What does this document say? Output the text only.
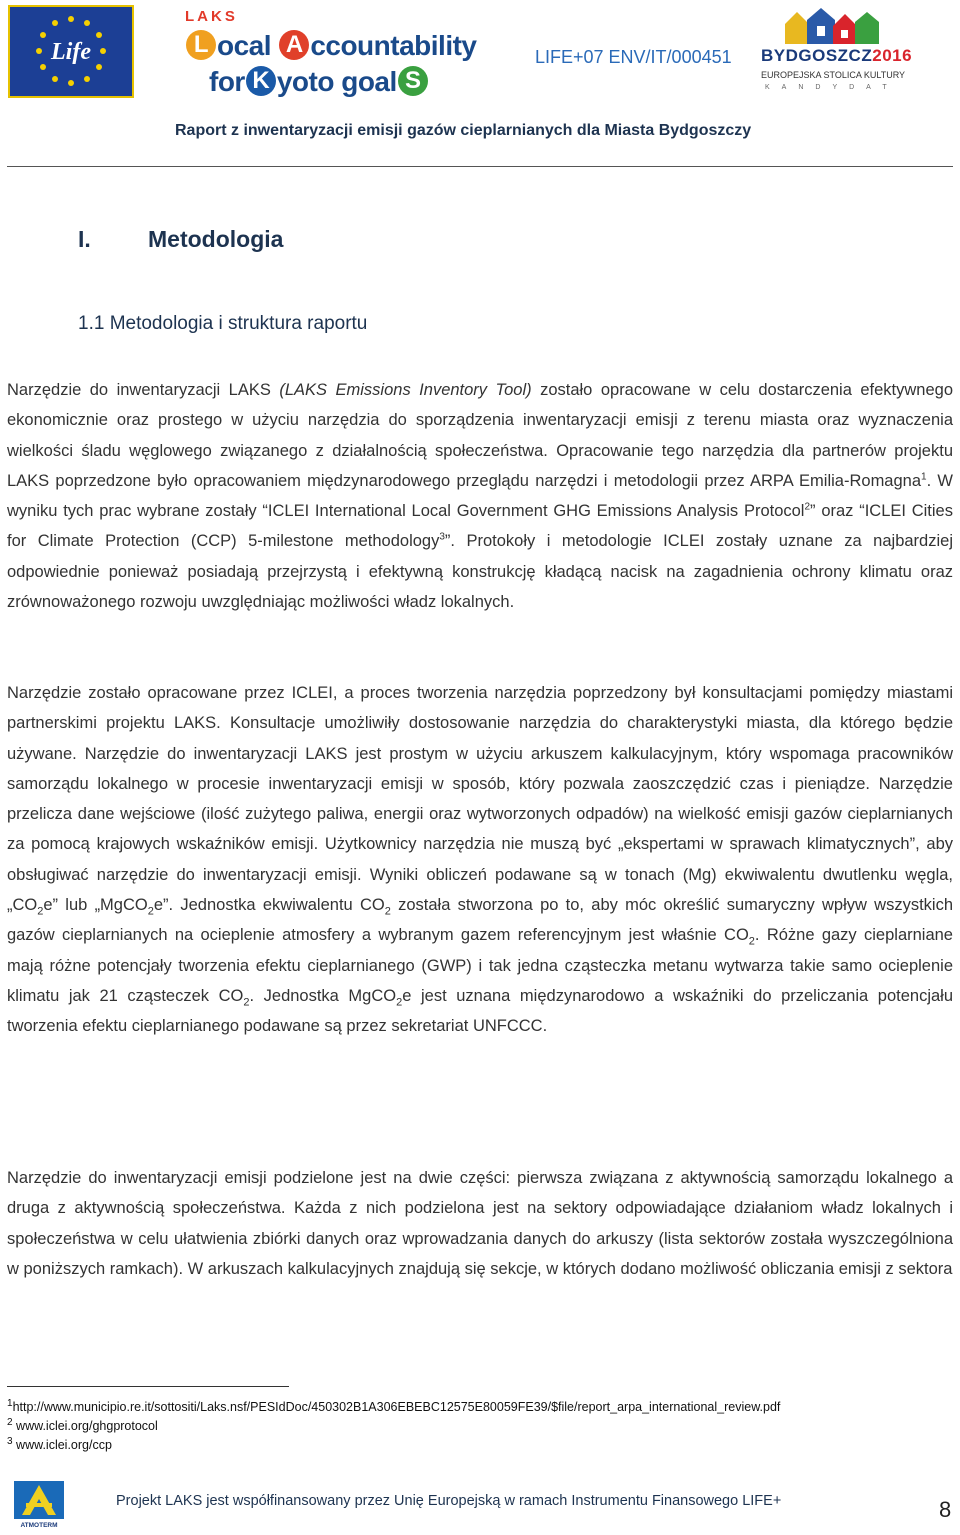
Life
LAKS
L ocal A ccountability
for K yoto goal S
LIFE+07 ENV/IT/000451 BYDGOSZCZ2016
EUROPEJSKA STOLICA KULTURY
KANDYDAT
Raport z inwentaryzacji emisji gazów cieplarnianych dla Miasta Bydgoszczy
I. Metodologia
1.1 Metodologia i struktura raportu

Narzędzie do inwentaryzacji LAKS (LAKS Emissions Inventory Tool) zostało opracowane w celu dostarczenia efektywnego ekonomicznie oraz prostego w użyciu narzędzia do sporządzenia inwentaryzacji emisji z terenu miasta oraz wyznaczenia wielkości śladu węglowego związanego z działalnością społeczeństwa. Opracowanie tego narzędzia dla partnerów projektu LAKS poprzedzone było opracowaniem międzynarodowego przeglądu narzędzi i metodologii przez ARPA Emilia-Romagna$^1$. W wyniku tych prac wybrane zostały “ICLEI International Local Government GHG Emissions Analysis Protocol$^2$” oraz “ICLEI Cities for Climate Protection (CCP) 5-milestone methodology$^3$”. Protokoły i metodologie ICLEI zostały uznane za najbardziej odpowiednie ponieważ posiadają przejrzystą i efektywną konstrukcję kładącą nacisk na zagadnienia ochrony klimatu oraz zrównoważonego rozwoju uwzględniając możliwości władz lokalnych.

Narzędzie zostało opracowane przez ICLEI, a proces tworzenia narzędzia poprzedzony był konsultacjami pomiędzy miastami partnerskimi projektu LAKS. Konsultacje umożliwiły dostosowanie narzędzia do charakterystyki miasta, dla którego będzie używane. Narzędzie do inwentaryzacji LAKS jest prostym w użyciu arkuszem kalkulacyjnym, który wspomaga pracowników samorządu lokalnego w procesie inwentaryzacji emisji w sposób, który pozwala zaoszczędzić czas i pieniądze. Narzędzie przelicza dane wejściowe (ilość zużytego paliwa, energii oraz wytworzonych odpadów) na wielkość emisji gazów cieplarnianych za pomocą krajowych wskaźników emisji. Użytkownicy narzędzia nie muszą być „ekspertami w sprawach klimatycznych”, aby obsługiwać narzędzie do inwentaryzacji emisji. Wyniki obliczeń podawane są w tonach (Mg) ekwiwalentu dwutlenku węgla, $„CO_2e$” lub „MgCO$_2$e”. Jednostka ekwiwalentu $CO_2$ została stworzona po to, aby móc określić sumaryczny wpływ wszystkich gazów cieplarnianych na ocieplenie atmosfery a wybranym gazem referencyjnym jest właśnie $CO_2$. Różne gazy cieplarniane mają różne potencjały tworzenia efektu cieplarnianego (GWP) i tak jedna cząsteczka metanu wytwarza takie samo ocieplenie klimatu jak 21 cząsteczek $CO_2$. Jednostka MgCO$_2$e jest uznana międzynarodowo a wskaźniki do przeliczania potencjału tworzenia efektu cieplarnianego podawane są przez sekretariat UNFCCC.

Narzędzie do inwentaryzacji emisji podzielone jest na dwie części: pierwsza związana z aktywnością samorządu lokalnego a druga z aktywnością społeczeństwa. Każda z nich podzielona jest na sektory odpowiadające działaniom władz lokalnych i społeczeństwa w celu ułatwienia zbiórki danych oraz wprowadzania danych do arkuszy (lista sektorów została wyszczególniona w poniższych ramkach). W arkuszach kalkulacyjnych znajdują się sekcje, w których dodano możliwość obliczania emisji z sektora

$^1$http://www.municipio.re.it/sottositi/Laks.nsf/PESIdDoc/450302B1A306EBEBC12575E80059FE39/$file/report_arpa_international_review.pdf
$^2$ www.iclei.org/ghgprotocol
$^3$ www.iclei.org/ccp
ATMOTERM
Projekt LAKS jest współfinansowany przez Unię Europejską w ramach Instrumentu Finansowego LIFE+	8
